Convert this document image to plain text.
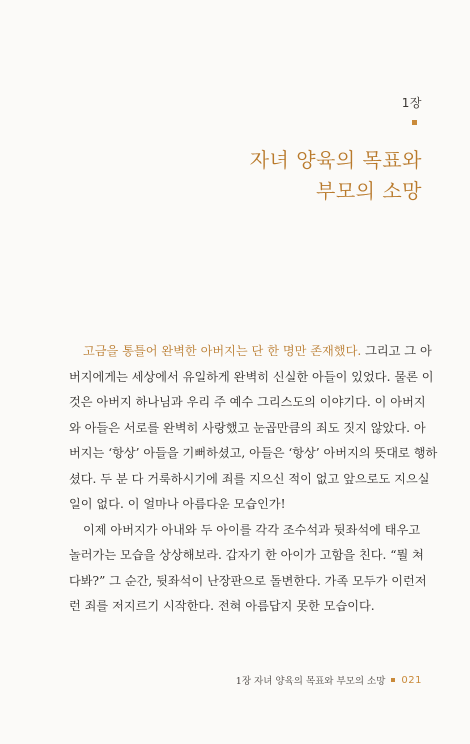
1장
자녀 양육의 목표와
부모의 소망
고금을 통틀어 완벽한 아버지는 단 한 명만 존재했다. 그리고 그 아
버지에게는 세상에서 유일하게 완벽히 신실한 아들이 있었다. 물론 이
것은 아버지 하나님과 우리 주 예수 그리스도의 이야기다. 이 아버지
와 아들은 서로를 완벽히 사랑했고 눈곱만큼의 죄도 짓지 않았다. 아
버지는 ‘항상’ 아들을 기뻐하셨고, 아들은 ‘항상’ 아버지의 뜻대로 행하
셨다. 두 분 다 거룩하시기에 죄를 지으신 적이 없고 앞으로도 지으실
일이 없다. 이 얼마나 아름다운 모습인가!
이제 아버지가 아내와 두 아이를 각각 조수석과 뒷좌석에 태우고
놀러가는 모습을 상상해보라. 갑자기 한 아이가 고함을 친다. “뭘 쳐
다봐?” 그 순간, 뒷좌석이 난장판으로 돌변한다. 가족 모두가 이런저
런 죄를 저지르기 시작한다. 전혀 아름답지 못한 모습이다.
1장 자녀 양육의 목표와 부모의 소망 021
